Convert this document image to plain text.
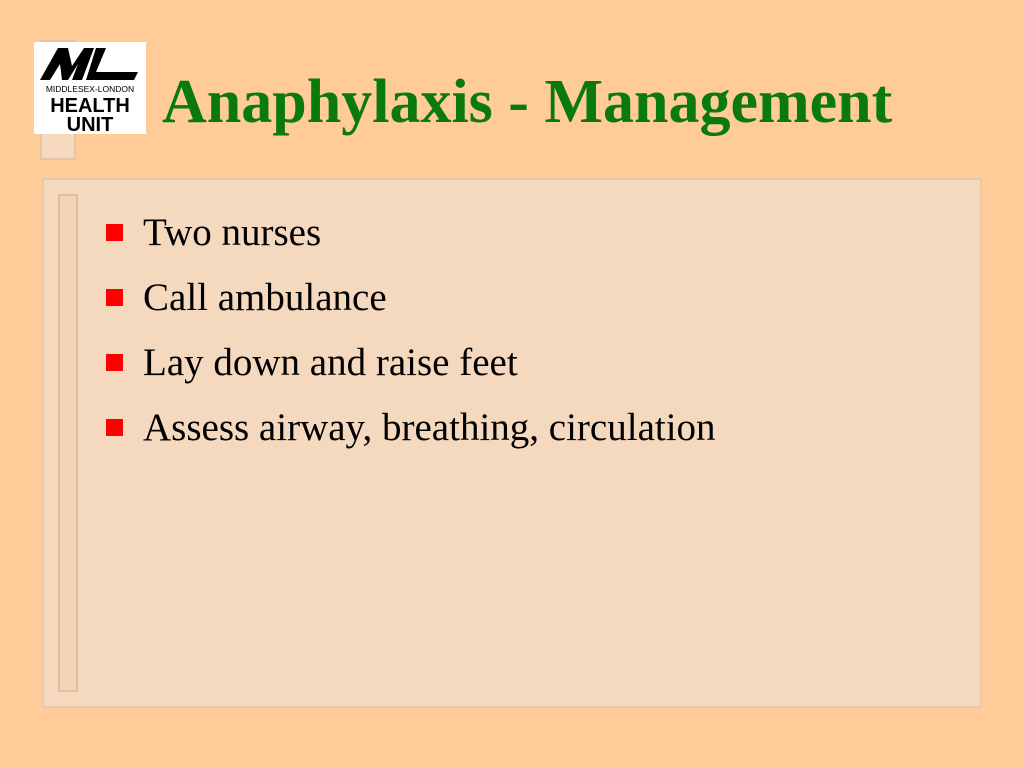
MIDDLESEX-LONDON
HEALTH
UNIT Anaphylaxis - Management
Two nurses
Call ambulance
Lay down and raise feet
Assess airway, breathing, circulation
